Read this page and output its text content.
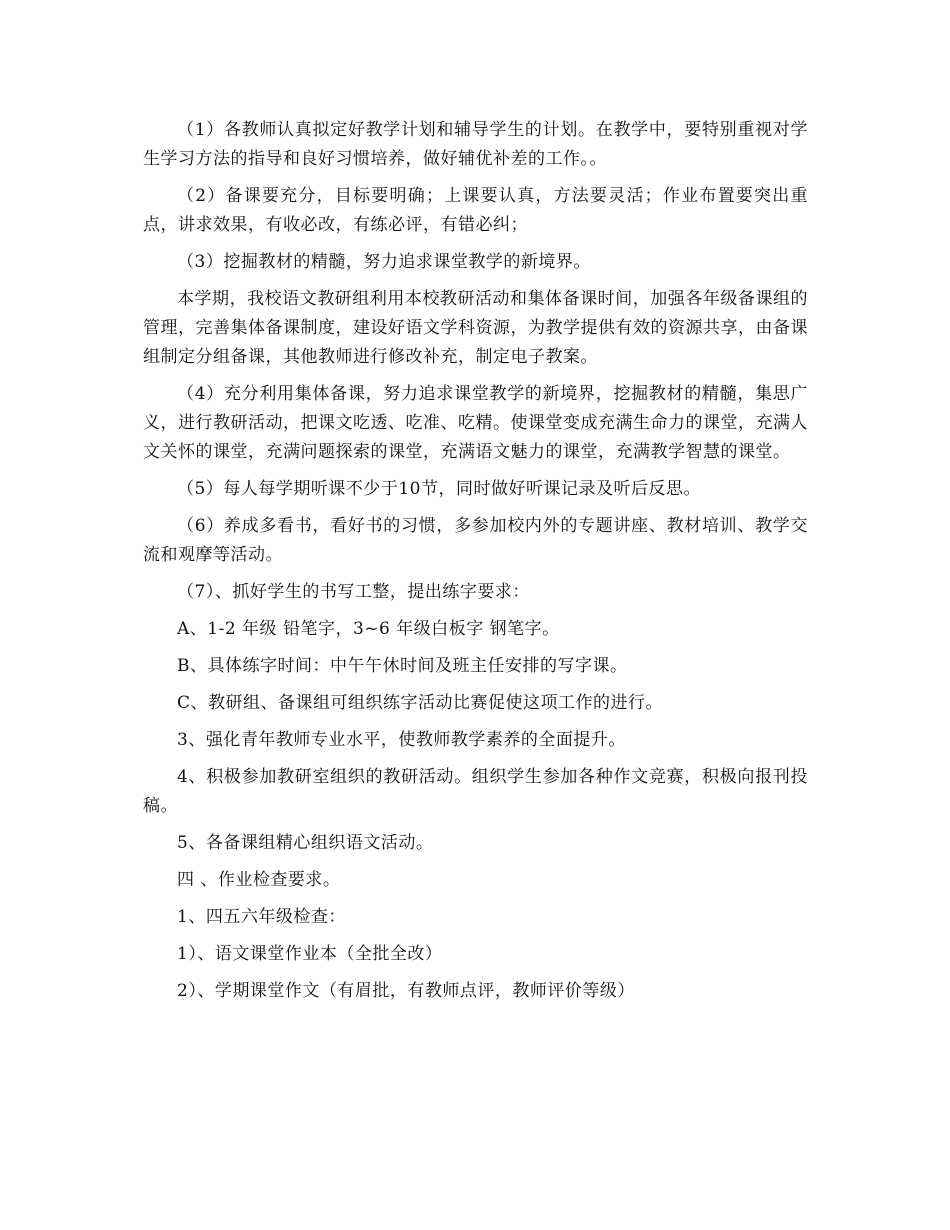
（1）各教师认真拟定好教学计划和辅导学生的计划。在教学中，要特别重视对学生学习方法的指导和良好习惯培养，做好辅优补差的工作。。

（2）备课要充分，目标要明确；上课要认真，方法要灵活；作业布置要突出重点，讲求效果，有收必改，有练必评，有错必纠；

（3）挖掘教材的精髓，努力追求课堂教学的新境界。

本学期，我校语文教研组利用本校教研活动和集体备课时间，加强各年级备课组的管理，完善集体备课制度，建设好语文学科资源，为教学提供有效的资源共享，由备课组制定分组备课，其他教师进行修改补充，制定电子教案。

（4）充分利用集体备课，努力追求课堂教学的新境界，挖掘教材的精髓，集思广义，进行教研活动，把课文吃透、吃准、吃精。使课堂变成充满生命力的课堂，充满人文关怀的课堂，充满问题探索的课堂，充满语文魅力的课堂，充满教学智慧的课堂。

（5）每人每学期听课不少于10节，同时做好听课记录及听后反思。

（6）养成多看书，看好书的习惯，多参加校内外的专题讲座、教材培训、教学交流和观摩等活动。

（7）、抓好学生的书写工整，提出练字要求：

A、1-2 年级 铅笔字，3~6 年级白板字 钢笔字。

B、具体练字时间：中午午休时间及班主任安排的写字课。

C、教研组、备课组可组织练字活动比赛促使这项工作的进行。

3、强化青年教师专业水平，使教师教学素养的全面提升。

4、积极参加教研室组织的教研活动。组织学生参加各种作文竞赛，积极向报刊投稿。

5、各备课组精心组织语文活动。

四 、作业检查要求。

1、四五六年级检查：

1）、语文课堂作业本（全批全改）

2）、学期课堂作文（有眉批，有教师点评，教师评价等级）
